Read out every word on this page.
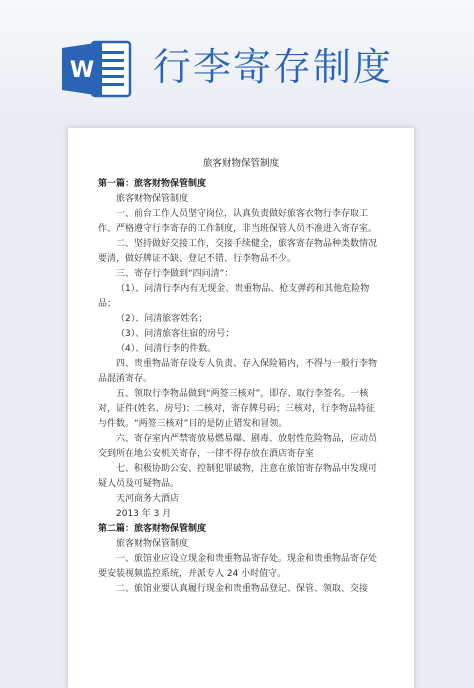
W 行李寄存制度
旅客财物保管制度

第一篇：旅客财物保管制度

旅客财物保管制度

一、前台工作人员坚守岗位，认真负责做好旅客衣物行李存取工作、严格遵守行李寄存的工作制度，非当班保管人员不准进入寄存室。

二、坚持做好交接工作，交接手续健全，旅客寄存物品种类数情况要清，做好牌证不缺、登记不错、行李物品不少。

三、寄存行李做到“四问清”：

（1）、问清行李内有无现金、贵重物品、枪支弹药和其他危险物品；

（2）、问清旅客姓名；

（3）、问清旅客住宿的房号；

（4）、问清行李的件数。

四、贵重物品寄存设专人负责、存入保险箱内，不得与一般行李物品混淆寄存。

五、领取行李物品做到“两签三核对”，即存、取行李签名。一核对，证件(姓名、房号)；二核对，寄存牌号码；三核对，行李物品特征与件数。“两签三核对”目的是防止错发和冒领。

六、寄存室内严禁寄放易燃易爆、剧毒、放射性危险物品，应动员交到所在地公安机关寄存，一律不得存放在酒店寄存室

七、积极协助公安、控制犯罪破物，注意在旅馆寄存物品中发现可疑人员及可疑物品。

天河商务大酒店

2013 年 3 月

第二篇：旅客财物保管制度

旅客财物保管制度

一、旅馆业应设立现金和贵重物品寄存处。现金和贵重物品寄存处要安装视频监控系统，并派专人 24 小时值守。

二、旅馆业要认真履行现金和贵重物品登记、保管、领取、交接
